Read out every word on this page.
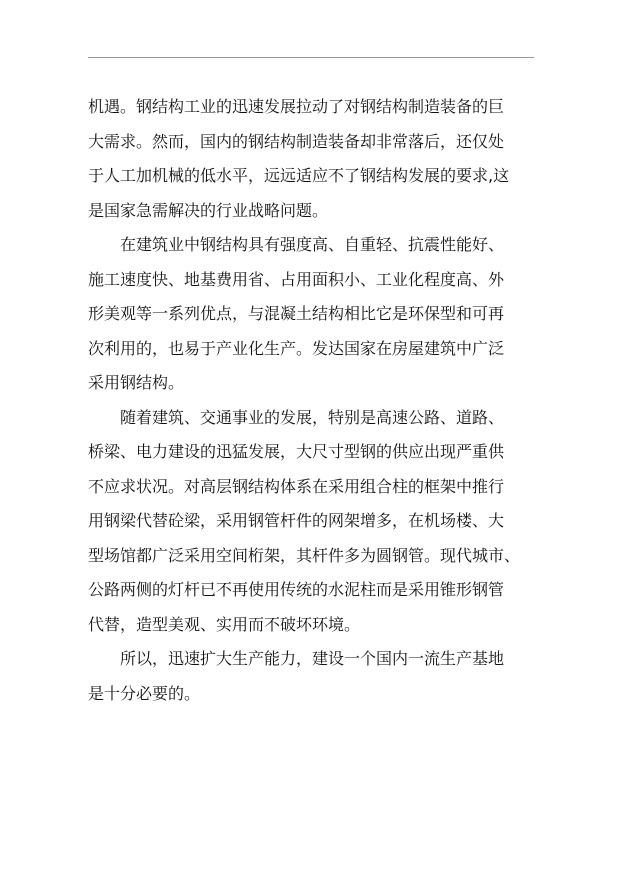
机遇。钢结构工业的迅速发展拉动了对钢结构制造装备的巨
大需求。然而，国内的钢结构制造装备却非常落后，还仅处
于人工加机械的低水平，远远适应不了钢结构发展的要求,这
是国家急需解决的行业战略问题。
在建筑业中钢结构具有强度高、自重轻、抗震性能好、
施工速度快、地基费用省、占用面积小、工业化程度高、外
形美观等一系列优点，与混凝土结构相比它是环保型和可再
次利用的，也易于产业化生产。发达国家在房屋建筑中广泛
采用钢结构。
随着建筑、交通事业的发展，特别是高速公路、道路、
桥梁、电力建设的迅猛发展，大尺寸型钢的供应出现严重供
不应求状况。对高层钢结构体系在采用组合柱的框架中推行
用钢梁代替砼梁，采用钢管杆件的网架增多，在机场楼、大
型场馆都广泛采用空间桁架，其杆件多为圆钢管。现代城市、
公路两侧的灯杆已不再使用传统的水泥柱而是采用锥形钢管
代替，造型美观、实用而不破坏环境。
所以，迅速扩大生产能力，建设一个国内一流生产基地
是十分必要的。
